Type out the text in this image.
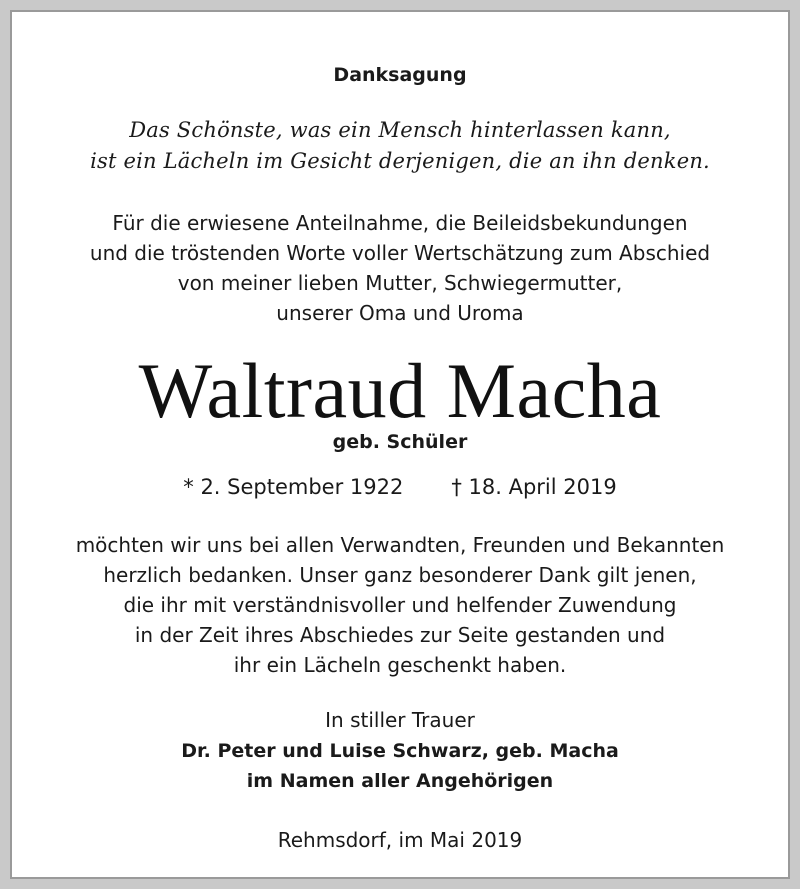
Danksagung
Das Schönste, was ein Mensch hinterlassen kann,
ist ein Lächeln im Gesicht derjenigen, die an ihn denken.
Für die erwiesene Anteilnahme, die Beileidsbekundungen
und die tröstenden Worte voller Wertschätzung zum Abschied
von meiner lieben Mutter, Schwiegermutter,
unserer Oma und Uroma
Waltraud Macha
geb. Schüler
* 2. September 1922 † 18. April 2019
möchten wir uns bei allen Verwandten, Freunden und Bekannten
herzlich bedanken. Unser ganz besonderer Dank gilt jenen,
die ihr mit verständnisvoller und helfender Zuwendung
in der Zeit ihres Abschiedes zur Seite gestanden und
ihr ein Lächeln geschenkt haben.
In stiller Trauer
Dr. Peter und Luise Schwarz, geb. Macha
im Namen aller Angehörigen
Rehmsdorf, im Mai 2019
